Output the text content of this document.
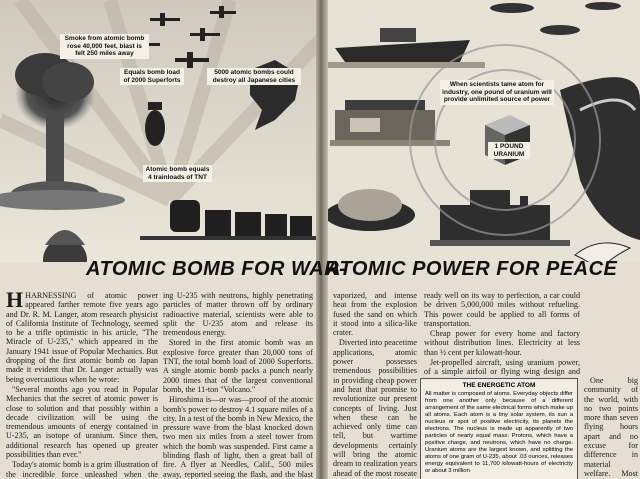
Smoke from atomic bomb rose 40,000 feet, blast is felt 250 miles away
Equals bomb load of 2000 Superforts
5000 atomic bombs could destroy all Japanese cities
Atomic bomb equals 4 trainloads of TNT
When scientists tame atom for industry, one pound of uranium will provide unlimited source of power
1 POUND URANIUM
ATOMIC BOMB FOR WAR-
ATOMIC POWER FOR PEACE

HHARNESSING of atomic power appeared farther remote five years ago and Dr. R. M. Langer, atom research physicist of California Institute of Technology, seemed to be a trifle optimistic in his article, "The Miracle of U-235," which appeared in the January 1941 issue of Popular Mechanics. But dropping of the first atomic bomb on Japan made it evident that Dr. Langer actually was being overcautious when he wrote:

"Several months ago you read in Popular Mechanics that the secret of atomic power is close to solution and that possibly within a decade civilization will be using the tremendous amounts of energy contained in U-235, an isotope of uranium. Since then, additional research has opened up greater possibilities than ever."

Today's atomic bomb is a grim illustration of the incredible force unleashed when the

ing U-235 with neutrons, highly penetrating particles of matter thrown off by ordinary radioactive material, scientists were able to split the U-235 atom and release its tremendous energy.

Stored in the first atomic bomb was an explosive force greater than 20,000 tons of TNT, the total bomb load of 2000 Superforts. A single atomic bomb packs a punch nearly 2000 times that of the largest conventional bomb, the 11-ton "Volcano."

Hiroshima is—or was—proof of the atomic bomb's power to destroy 4.1 square miles of a city. In a test of the bomb in New Mexico, the pressure wave from the blast knocked down two men six miles from a steel tower from which the bomb was suspended. First came a blinding flash of light, then a great ball of fire. A flyer at Needles, Calif., 500 miles away, reported seeing the flash, and the blast

vaporized, and intense heat from the explosion fused the sand on which it stood into a silica-like crater.

Diverted into peacetime applications, atomic power possesses tremendous possibilities in providing cheap power and heat that promise to revolutionize our present concepts of living. Just when these can be achieved only time can tell, but wartime developments certainly will bring the atomic dream to realization years ahead of the most roseate

ready well on its way to perfection, a car could be driven 5,000,000 miles without refueling. This power could be applied to all forms of transportation.

Cheap power for every home and factory without distribution lines. Electricity at less than ½ cent per kilowatt-hour.

Jet-propelled aircraft, using uranium power, of a simple airfoil or flying wing design and

One big community of the world, with no two points more than seven flying hours apart and no excuse for difference in material welfare. Most

THE ENERGETIC ATOM
All matter is composed of atoms. Everyday objects differ from one another only because of a different arrangement of the same electrical forms which make up all atoms. Each atom is a tiny solar system, its sun a nucleus or spot of positive electricity, its planets the electrons. The nucleus is made up apparently of two particles of nearly equal mass: Protons, which have a positive charge, and neutrons, which have no charge. Uranium atoms are the largest known, and splitting the atoms of one gram of U-235, about .03 ounces, releases energy equivalent to 11,700 kilowatt-hours of electricity or about 3 million
